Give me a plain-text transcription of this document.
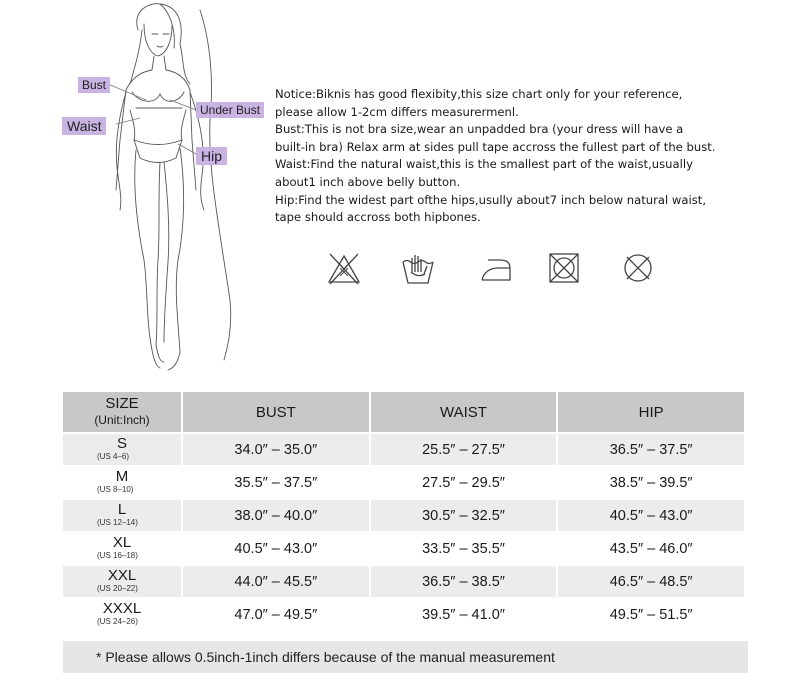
Bust
Under Bust
Waist
Hip

Notice:Biknis has good flexibity,this size chart only for your reference,

please allow 1-2cm differs measurermenl.

Bust:This is not bra size,wear an unpadded bra (your dress will have a

built-in bra) Relax arm at sides pull tape accross the fullest part of the bust.

Waist:Find the natural waist,this is the smallest part of the waist,usually

about1 inch above belly button.

Hip:Find the widest part ofthe hips,usully about7 inch below natural waist,

tape should accross both hipbones.

SIZE
(Unit:Inch)	BUST	WAIST	HIP

S
(US 4–6)	34.0″ – 35.0″	25.5″ – 27.5″	36.5″ – 37.5″

M
(US 8–10)	35.5″ – 37.5″	27.5″ – 29.5″	38.5″ – 39.5″

L
(US 12–14)	38.0″ – 40.0″	30.5″ – 32.5″	40.5″ – 43.0″

XL
(US 16–18)	40.5″ – 43.0″	33.5″ – 35.5″	43.5″ – 46.0″

XXL
(US 20–22)	44.0″ – 45.5″	36.5″ – 38.5″	46.5″ – 48.5″

XXXL
(US 24–26)	47.0″ – 49.5″	39.5″ – 41.0″	49.5″ – 51.5″
* Please allows 0.5inch-1inch differs because of the manual measurement
